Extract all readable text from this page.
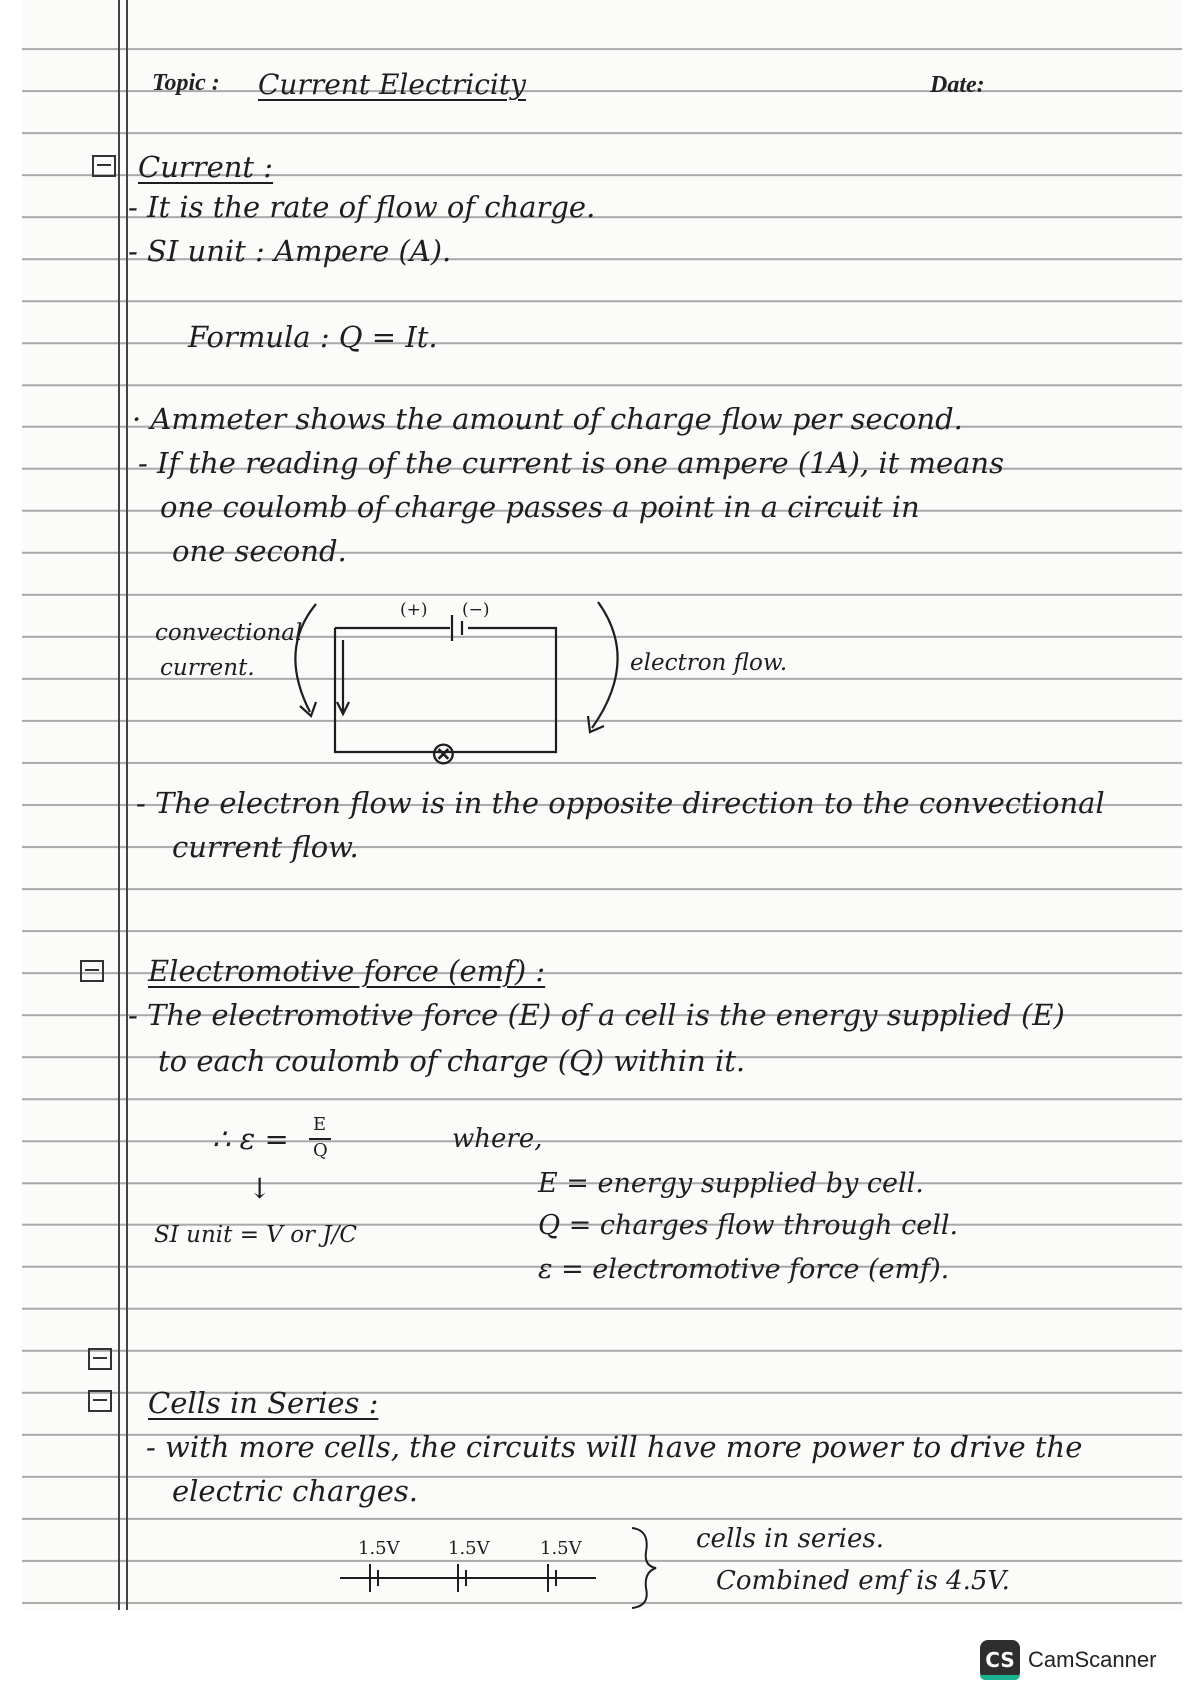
Topic : Current Electricity	Date:
Current :
- It is the rate of flow of charge.
- SI unit : Ampere (A).
Formula : Q = It.
· Ammeter shows the amount of charge flow per second.
- If the reading of the current is one ampere (1A), it means
one coulomb of charge passes a point in a circuit in
one second.
(+) (−)
⊗
convectional
current.	electron flow.
- The electron flow is in the opposite direction to the convectional
current flow.
Electromotive force (emf) :
- The electromotive force (E) of a cell is the energy supplied (E)
to each coulomb of charge (Q) within it.
∴ ε = E
Q
↓
SI unit = V or J/C
where,
E = energy supplied by cell.
Q = charges flow through cell.
ε = electromotive force (emf).
Cells in Series :
- with more cells, the circuits will have more power to drive the
electric charges.
1.5V	1.5V	1.5V	cells in series.
Combined emf is 4.5V.
CS CamScanner
